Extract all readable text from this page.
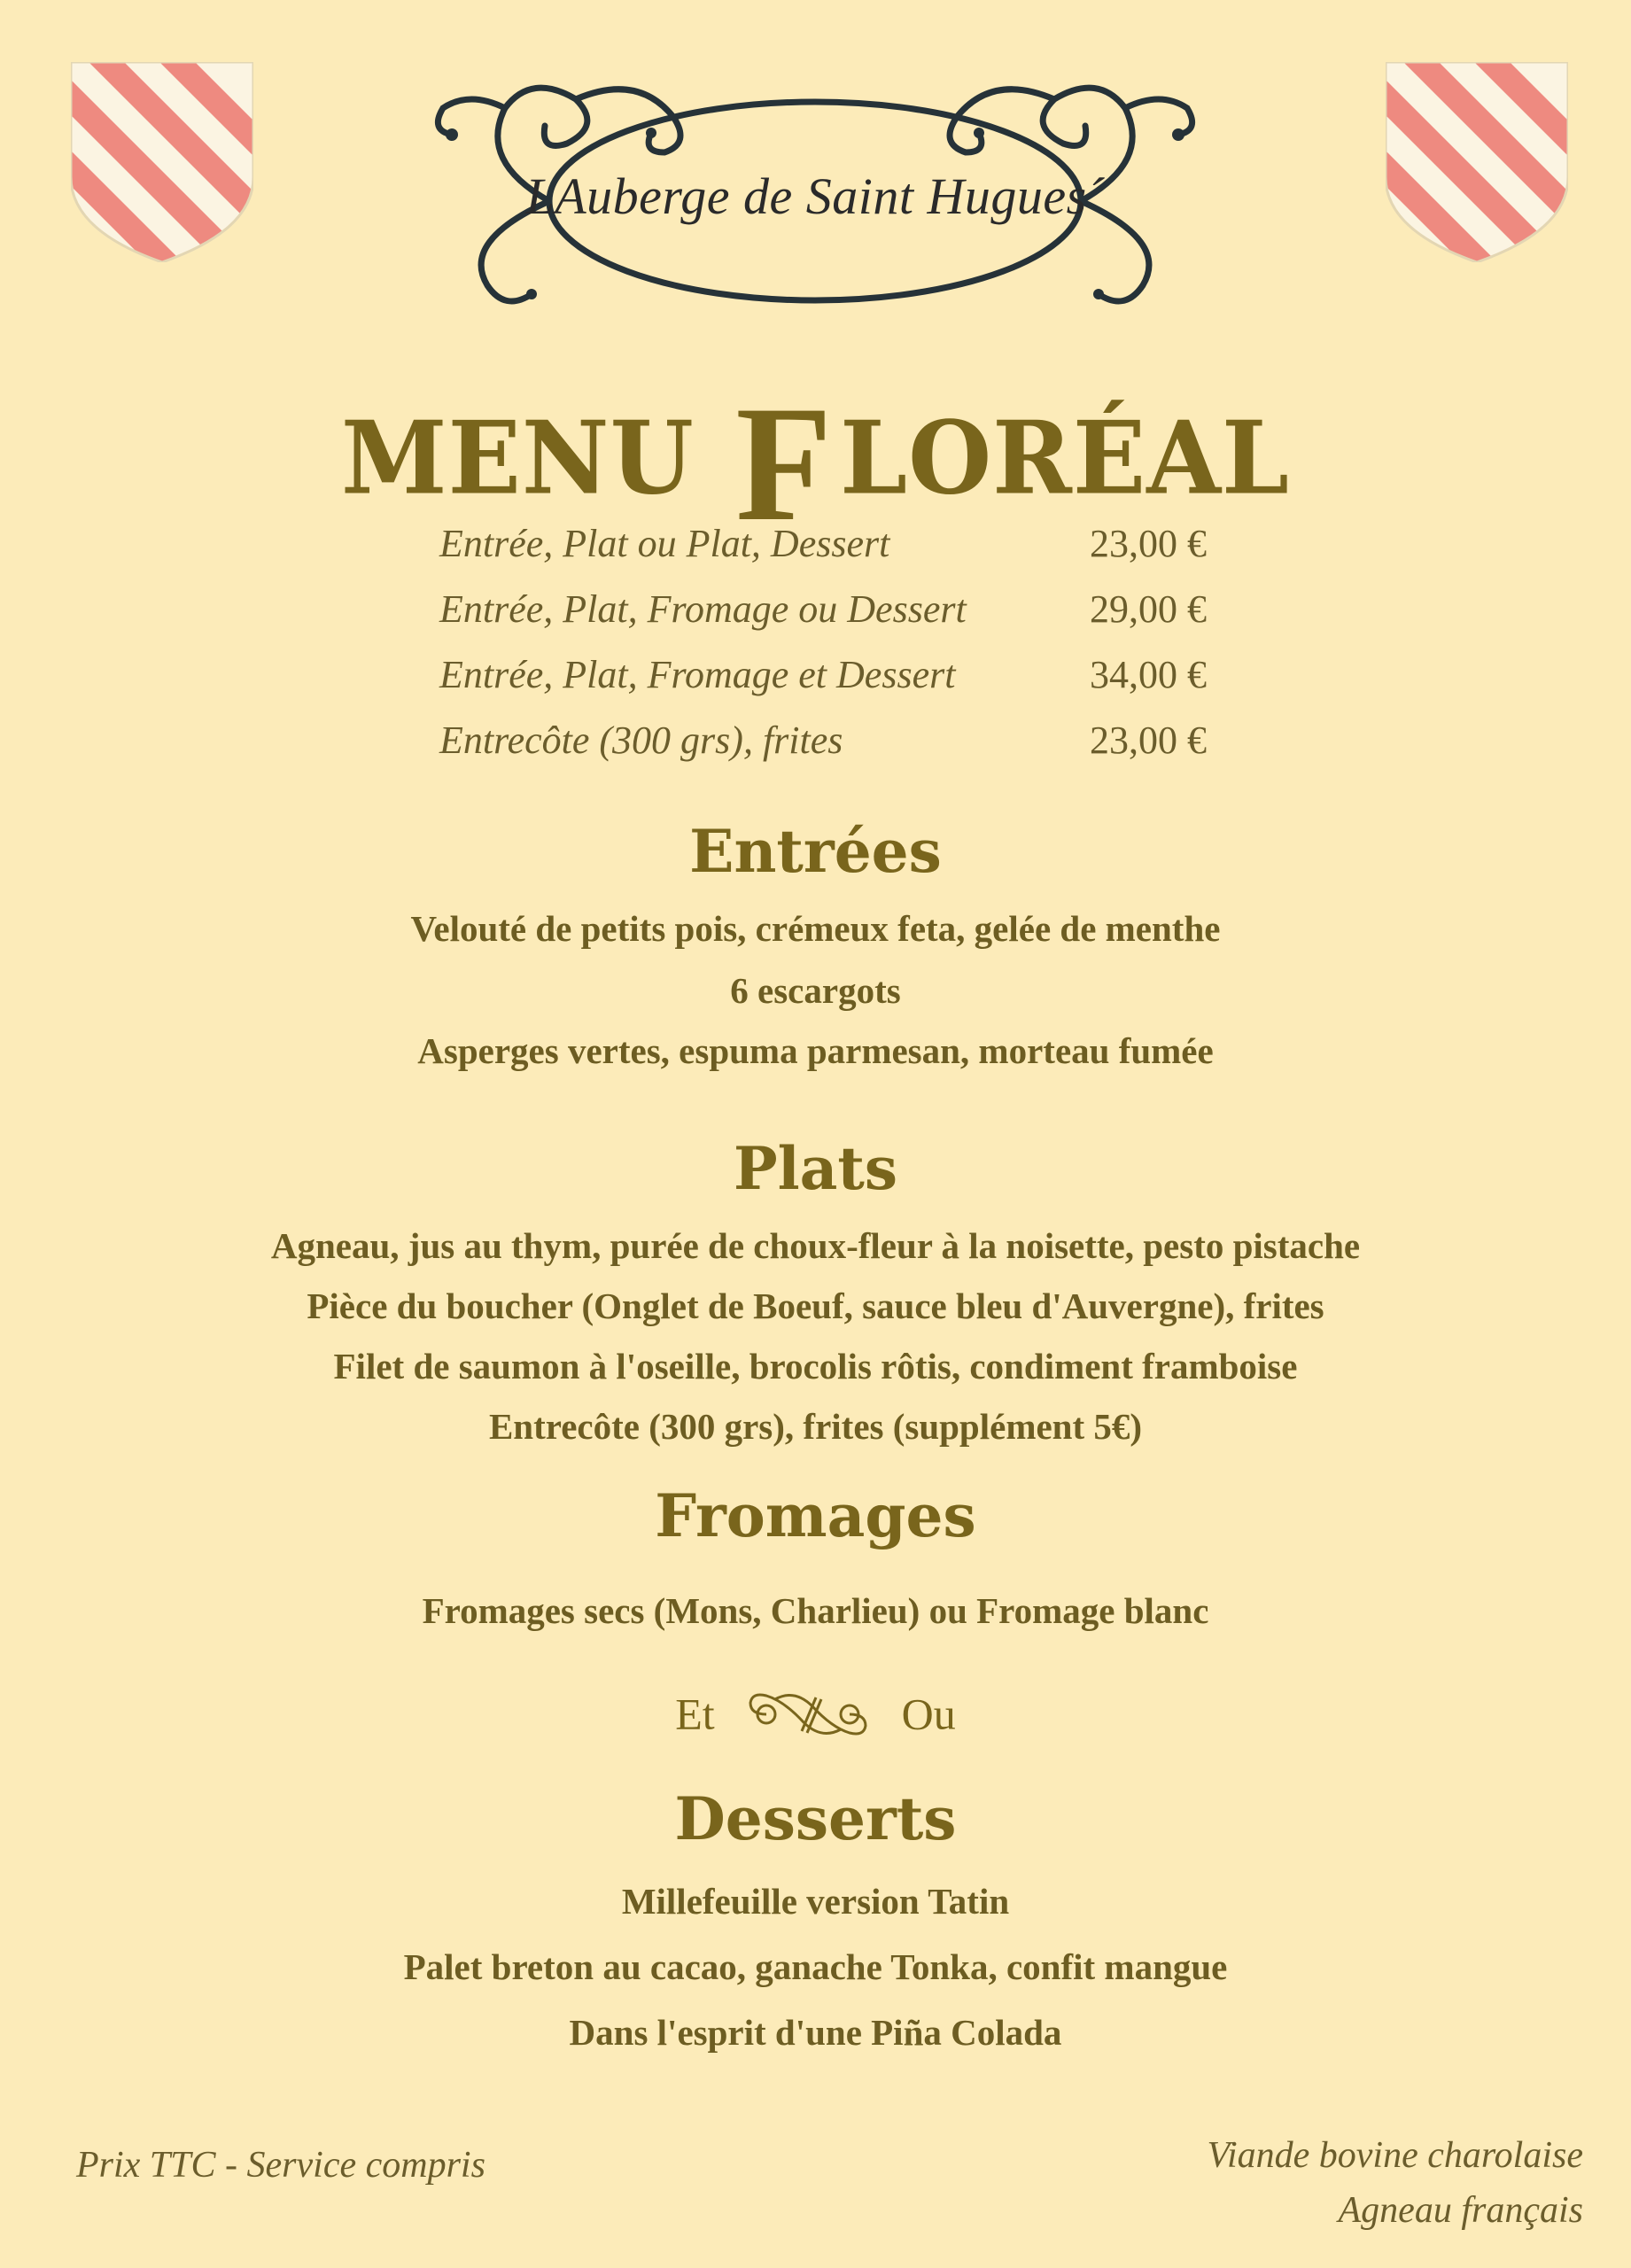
LAuberge de Saint Hugues´
MENU FLORÉAL
Entrée, Plat ou Plat, Dessert	23,00 €
Entrée, Plat, Fromage ou Dessert	29,00 €
Entrée, Plat, Fromage et Dessert	34,00 €
Entrecôte (300 grs), frites	23,00 €
Entrées
Velouté de petits pois, crémeux feta, gelée de menthe
6 escargots
Asperges vertes, espuma parmesan, morteau fumée
Plats
Agneau, jus au thym, purée de choux-fleur à la noisette, pesto pistache
Pièce du boucher (Onglet de Boeuf, sauce bleu d'Auvergne), frites
Filet de saumon à l'oseille, brocolis rôtis, condiment framboise
Entrecôte (300 grs), frites (supplément 5€)
Fromages
Fromages secs (Mons, Charlieu) ou Fromage blanc
Et	Ou
Desserts
Millefeuille version Tatin
Palet breton au cacao, ganache Tonka, confit mangue
Dans l'esprit d'une Piña Colada
Prix TTC - Service compris	Viande bovine charolaise
Agneau français
